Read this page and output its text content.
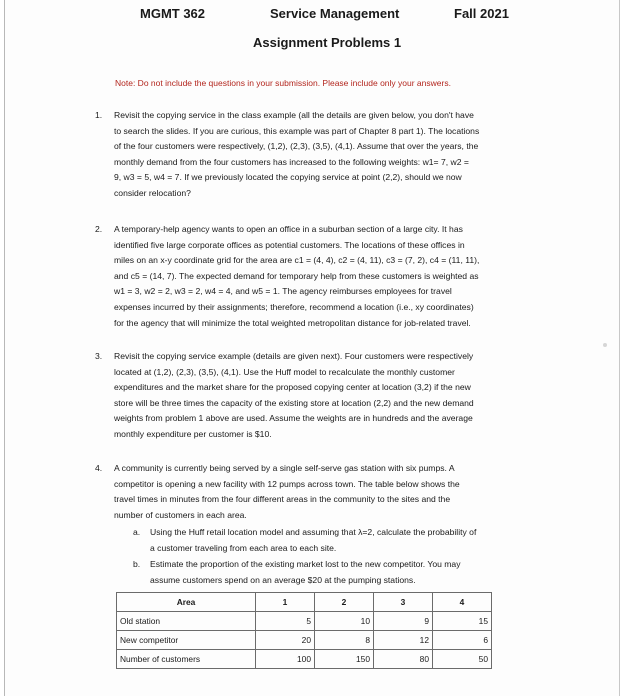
MGMT 362	Service Management	Fall 2021
Assignment Problems 1
Note: Do not include the questions in your submission. Please include only your answers.
1.	Revisit the copying service in the class example (all the details are given below, you don't have
to search the slides. If you are curious, this example was part of Chapter 8 part 1). The locations
of the four customers were respectively, (1,2), (2,3), (3,5), (4,1). Assume that over the years, the
monthly demand from the four customers has increased to the following weights: w1= 7, w2 =
9, w3 = 5, w4 = 7. If we previously located the copying service at point (2,2), should we now
consider relocation?
2.	A temporary-help agency wants to open an office in a suburban section of a large city. It has
identified five large corporate offices as potential customers. The locations of these offices in
miles on an x-y coordinate grid for the area are c1 = (4, 4), c2 = (4, 11), c3 = (7, 2), c4 = (11, 11),
and c5 = (14, 7). The expected demand for temporary help from these customers is weighted as
w1 = 3, w2 = 2, w3 = 2, w4 = 4, and w5 = 1. The agency reimburses employees for travel
expenses incurred by their assignments; therefore, recommend a location (i.e., xy coordinates)
for the agency that will minimize the total weighted metropolitan distance for job-related travel.
3.	Revisit the copying service example (details are given next). Four customers were respectively
located at (1,2), (2,3), (3,5), (4,1). Use the Huff model to recalculate the monthly customer
expenditures and the market share for the proposed copying center at location (3,2) if the new
store will be three times the capacity of the existing store at location (2,2) and the new demand
weights from problem 1 above are used. Assume the weights are in hundreds and the average
monthly expenditure per customer is $10.
4.	A community is currently being served by a single self-serve gas station with six pumps. A
competitor is opening a new facility with 12 pumps across town. The table below shows the
travel times in minutes from the four different areas in the community to the sites and the
number of customers in each area.
a. Using the Huff retail location model and assuming that λ=2, calculate the probability of
a customer traveling from each area to each site.
b. Estimate the proportion of the existing market lost to the new competitor. You may
assume customers spend on an average $20 at the pumping stations.
Area	1	2	3	4
Old station	5	10	9	15
New competitor	20	8	12	6
Number of customers	100	150	80	50
